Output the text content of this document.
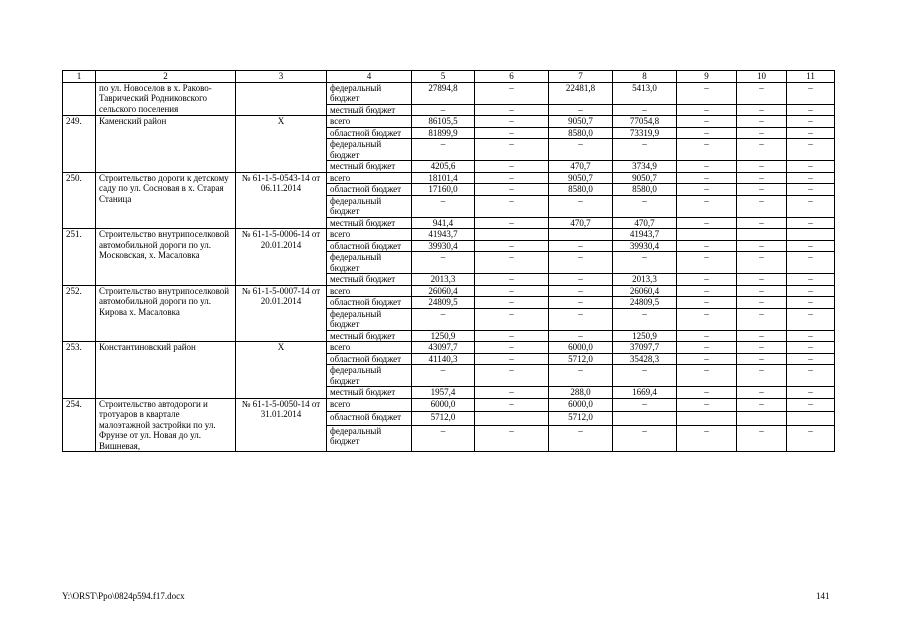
1	2	3	4	5	6	7	8	9	10	11
	по ул. Новоселов в х. Раково-Таврический Родниковского сельского поселения		федеральный бюджет	27894,8	–	22481,8	5413,0	–	–	–
			местный бюджет	–	–	–	–	–	–	–
249.	Каменский район	Х	всего	86105,5	–	9050,7	77054,8	–	–	–
			областной бюджет	81899,9	–	8580,0	73319,9	–	–	–
			федеральный бюджет	–	–	–	–	–	–	–
			местный бюджет	4205,6	–	470,7	3734,9	–	–	–
250.	Строительство дороги к детскому саду по ул. Сосновая в х. Старая Станица	№ 61-1-5-0543-14 от 06.11.2014	всего	18101,4	–	9050,7	9050,7	–	–	–
			областной бюджет	17160,0	–	8580,0	8580,0	–	–	–
			федеральный бюджет	–	–	–	–	–	–	–
			местный бюджет	941,4	–	470,7	470,7	–	–	–
251.	Строительство внутрипоселковой автомобильной дороги по ул. Московская, х. Масаловка	№ 61-1-5-0006-14 от 20.01.2014	всего	41943,7			41943,7			
			областной бюджет	39930,4	–	–	39930,4	–	–	–
			федеральный бюджет	–	–	–	–	–	–	–
			местный бюджет	2013,3	–	–	2013,3	–	–	–
252.	Строительство внутрипоселковой автомобильной дороги по ул. Кирова х. Масаловка	№ 61-1-5-0007-14 от 20.01.2014	всего	26060,4	–	–	26060,4	–	–	–
			областной бюджет	24809,5	–	–	24809,5	–	–	–
			федеральный бюджет	–	–	–	–	–	–	–
			местный бюджет	1250,9	–	–	1250,9	–	–	–
253.	Константиновский район	Х	всего	43097,7	–	6000,0	37097,7	–	–	–
			областной бюджет	41140,3	–	5712,0	35428,3	–	–	–
			федеральный бюджет	–	–	–	–	–	–	–
			местный бюджет	1957,4	–	288,0	1669,4	–	–	–
254.	Строительство автодороги и тротуаров в квартале малоэтажной застройки по ул. Фрунзе от ул. Новая до ул. Вишневая,	№ 61-1-5-0050-14 от 31.01.2014	всего	6000,0	–	6000,0	–	–	–	–
			областной бюджет	5712,0		5712,0				
			федеральный бюджет	–	–	–	–	–	–	–
Y:\ORST\Ppo\0824p594.f17.docx	141
